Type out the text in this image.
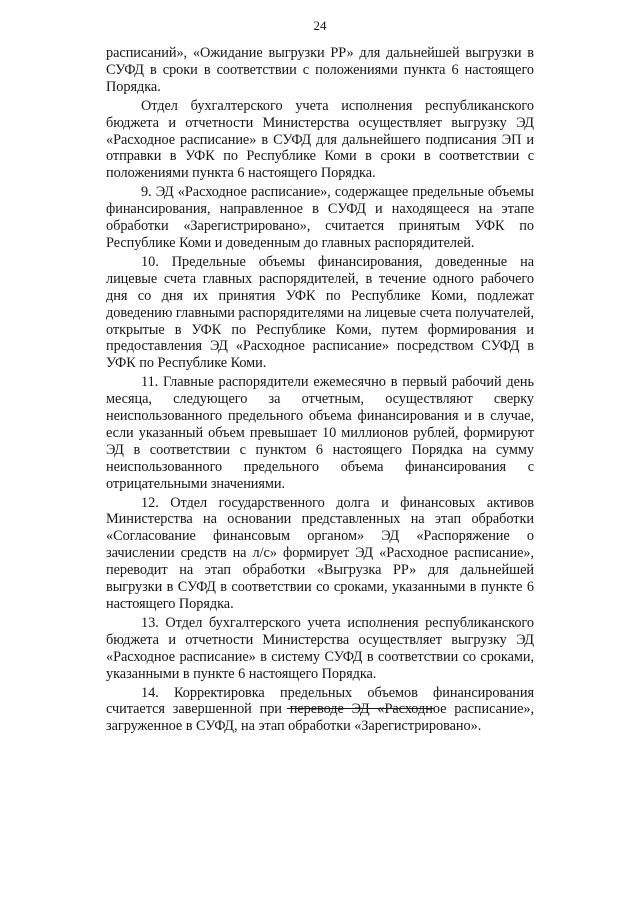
24

расписаний», «Ожидание выгрузки РР» для дальнейшей выгрузки в СУФД в сроки в соответствии с положениями пункта 6 настоящего Порядка.

Отдел бухгалтерского учета исполнения республиканского бюджета и отчетности Министерства осуществляет выгрузку ЭД «Расходное расписание» в СУФД для дальнейшего подписания ЭП и отправки в УФК по Республике Коми в сроки в соответствии с положениями пункта 6 настоящего Порядка.

9. ЭД «Расходное расписание», содержащее предельные объемы финансирования, направленное в СУФД и находящееся на этапе обработки «Зарегистрировано», считается принятым УФК по Республике Коми и доведенным до главных распорядителей.

10. Предельные объемы финансирования, доведенные на лицевые счета главных распорядителей, в течение одного рабочего дня со дня их принятия УФК по Республике Коми, подлежат доведению главными распорядителями на лицевые счета получателей, открытые в УФК по Республике Коми, путем формирования и предоставления ЭД «Расходное расписание» посредством СУФД в УФК по Республике Коми.

11. Главные распорядители ежемесячно в первый рабочий день месяца, следующего за отчетным, осуществляют сверку неиспользованного предельного объема финансирования и в случае, если указанный объем превышает 10 миллионов рублей, формируют ЭД в соответствии с пунктом 6 настоящего Порядка на сумму неиспользованного предельного объема финансирования с отрицательными значениями.

12. Отдел государственного долга и финансовых активов Министерства на основании представленных на этап обработки «Согласование финансовым органом» ЭД «Распоряжение о зачислении средств на л/с» формирует ЭД «Расходное расписание», переводит на этап обработки «Выгрузка РР» для дальнейшей выгрузки в СУФД в соответствии со сроками, указанными в пункте 6 настоящего Порядка.

13. Отдел бухгалтерского учета исполнения республиканского бюджета и отчетности Министерства осуществляет выгрузку ЭД «Расходное расписание» в систему СУФД в соответствии со сроками, указанными в пункте 6 настоящего Порядка.

14. Корректировка предельных объемов финансирования считается завершенной при переводе ЭД «Расходное расписание», загруженное в СУФД, на этап обработки «Зарегистрировано».
